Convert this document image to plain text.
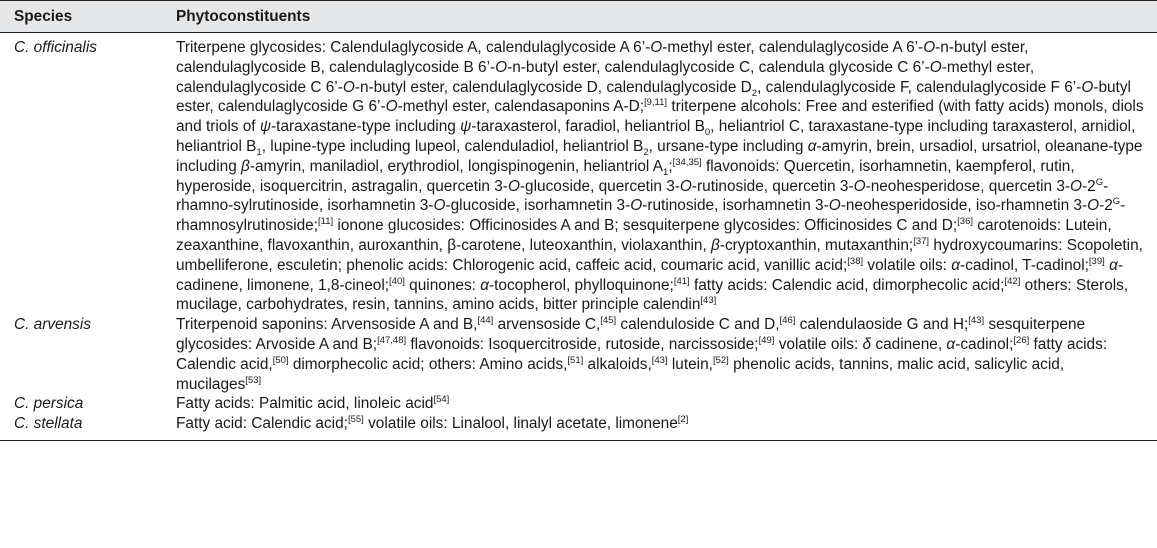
Species	Phytoconstituents
C. officinalis	Triterpene glycosides: Calendulaglycoside A, calendulaglycoside A 6’-O-methyl ester, calendulaglycoside A 6’-O-n-butyl ester, calendulaglycoside B, calendulaglycoside B 6’-O-n-butyl ester, calendulaglycoside C, calendula glycoside C 6’-O-methyl ester, calendulaglycoside C 6’-O-n-butyl ester, calendulaglycoside D, calendulaglycoside $D_2$, calendulaglycoside F, calendulaglycoside F 6’-O-butyl ester, calendulaglycoside G 6’-O-methyl ester, calendasaponins A-D;[9,11] triterpene alcohols: Free and esterified (with fatty acids) monols, diols and triols of ψ-taraxastane-type including ψ-taraxasterol, faradiol, heliantriol $B_0$, heliantriol C, taraxastane-type including taraxasterol, arnidiol, heliantriol $B_1$, lupine-type including lupeol, calenduladiol, heliantriol $B_2$, ursane-type including α-amyrin, brein, ursadiol, ursatriol, oleanane-type including β-amyrin, maniladiol, erythrodiol, longispinogenin, heliantriol $A_1;[34,35]$ flavonoids: Quercetin, isorhamnetin, kaempferol, rutin, hyperoside, isoquercitrin, astragalin, quercetin 3-O-glucoside, quercetin 3-O-rutinoside, quercetin 3-O-neohesperidose, quercetin $3-O-2^G-rhamno$-sylrutinoside, isorhamnetin 3-O-glucoside, isorhamnetin 3-O-rutinoside, isorhamnetin 3-O-neohesperidoside, iso-rhamnetin $3-O-2^G-rhamnosylrutinoside;[11]$ ionone glucosides: Officinosides A and B; sesquiterpene glycosides: Officinosides C and D;[36] carotenoids: Lutein, zeaxanthine, flavoxanthin, auroxanthin, β-carotene, luteoxanthin, violaxanthin, β-cryptoxanthin, mutaxanthin;[37] hydroxycoumarins: Scopoletin, umbelliferone, esculetin; phenolic acids: Chlorogenic acid, caffeic acid, coumaric acid, vanillic acid;[38] volatile oils: α-cadinol, T-cadinol;[39] α-cadinene, limonene, 1,8-cineol;[40] quinones: α-tocopherol, phylloquinone;[41] fatty acids: Calendic acid, dimorphecolic acid;[42] others: Sterols, mucilage, carbohydrates, resin, tannins, amino acids, bitter principle calendin[43]
C. arvensis	Triterpenoid saponins: Arvensoside A and B,[44] arvensoside C,[45] calenduloside C and D,[46] calendulaoside G and H;[43] sesquiterpene glycosides: Arvoside A and B;[47,48] flavonoids: Isoquercitroside, rutoside, narcissoside;[49] volatile oils: δ cadinene, α-cadinol;[26] fatty acids: Calendic acid,[50] dimorphecolic acid; others: Amino acids,[51] alkaloids,[43] lutein,[52] phenolic acids, tannins, malic acid, salicylic acid, mucilages[53]
C. persica	Fatty acids: Palmitic acid, linoleic acid[54]
C. stellata	Fatty acid: Calendic acid;[55] volatile oils: Linalool, linalyl acetate, limonene[2]
